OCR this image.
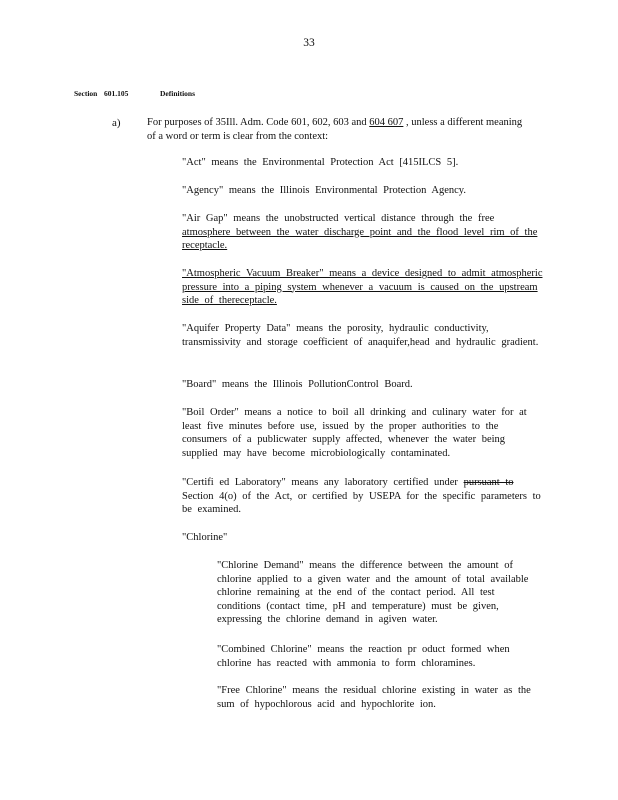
33
Section 601.105	Definitions
a)	For purposes of 35Ill. Adm. Code 601, 602, 603 and 604 607 , unless a different meaning of a word or term is clear from the context:

"Act" means the Environmental Protection Act [415ILCS 5].

"Agency" means the Illinois Environmental Protection Agency.

"Air Gap" means the unobstructed vertical distance through the free atmosphere between the water discharge point and the flood level rim of the receptacle.

"Atmospheric Vacuum Breaker" means a device designed to admit atmospheric pressure into a piping system whenever a vacuum is caused on the upstream side of thereceptacle.

"Aquifer Property Data" means the porosity, hydraulic conductivity, transmissivity and storage coefficient of anaquifer,head and hydraulic gradient.

"Board" means the Illinois PollutionControl Board.

"Boil Order" means a notice to boil all drinking and culinary water for at least five minutes before use, issued by the proper authorities to the consumers of a publicwater supply affected, whenever the water being supplied may have become microbiologically contaminated.

"Certifi ed Laboratory" means any laboratory certified under pursuant to Section 4(o) of the Act, or certified by USEPA for the specific parameters to be examined.

"Chlorine"

"Chlorine Demand" means the difference between the amount of chlorine applied to a given water and the amount of total available chlorine remaining at the end of the contact period. All test conditions (contact time, pH and temperature) must be given, expressing the chlorine demand in agiven water.

"Combined Chlorine" means the reaction pr oduct formed when chlorine has reacted with ammonia to form chloramines.

"Free Chlorine" means the residual chlorine existing in water as the sum of hypochlorous acid and hypochlorite ion.
